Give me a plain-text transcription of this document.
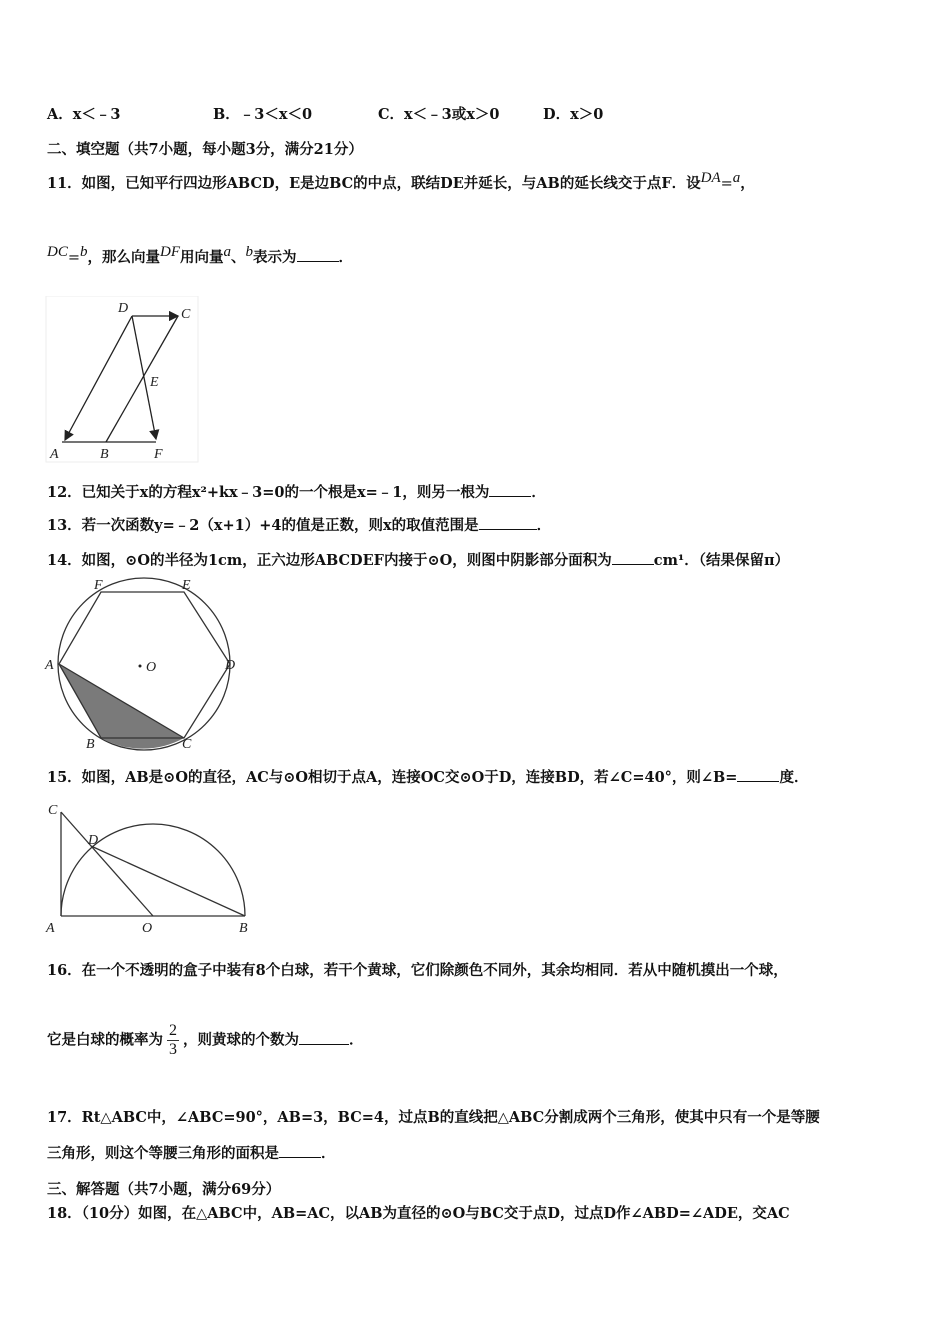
A．x＜﹣3	B．﹣3＜x＜0	C．x＜﹣3或x＞0	D．x＞0
二、填空题（共7小题，每小题3分，满分21分）
11．如图，已知平行四边形ABCD，E是边BC的中点，联结DE并延长，与AB的延长线交于点F．设DA=a，
DC=b，那么向量DF用向量a、b表示为	．
D	C
E
A	B	F
12．已知关于x的方程x²+kx﹣3=0的一个根是x=﹣1，则另一根为	．
13．若一次函数y=﹣2（x+1）+4的值是正数，则x的取值范围是	．
14．如图，⊙O的半径为1cm，正六边形ABCDEF内接于⊙O，则图中阴影部分面积为	cm¹．（结果保留π）
F	E
A	O	D
B	C
15．如图，AB是⊙O的直径，AC与⊙O相切于点A，连接OC交⊙O于D，连接BD，若∠C=40°，则∠B=	度．
C
D
A	O	B
16．在一个不透明的盒子中装有8个白球，若干个黄球，它们除颜色不同外，其余均相同．若从中随机摸出一个球，
它是白球的概率为 $\frac{2}{3}$ ，则黄球的个数为	．
17．Rt△ABC中，∠ABC=90°，AB=3，BC=4，过点B的直线把△ABC分割成两个三角形，使其中只有一个是等腰
三角形，则这个等腰三角形的面积是	．
三、解答题（共7小题，满分69分）
18．（10分）如图，在△ABC中，AB=AC，以AB为直径的⊙O与BC交于点D，过点D作∠ABD=∠ADE，交AC
